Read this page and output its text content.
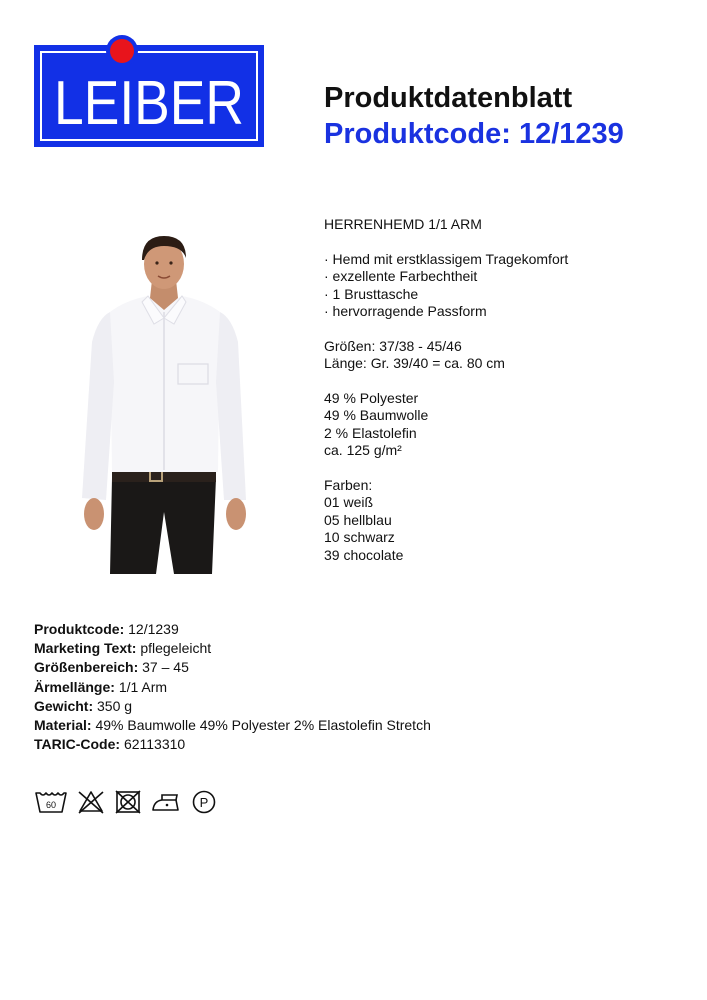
LEIBER	Produktdatenblatt
Produktcode: 12/1239
HERRENHEMD 1/1 ARM
· Hemd mit erstklassigem Tragekomfort
· exzellente Farbechtheit
· 1 Brusttasche
· hervorragende Passform
Größen: 37/38 - 45/46
Länge: Gr. 39/40 = ca. 80 cm
49 % Polyester
49 % Baumwolle
2 % Elastolefin
ca. 125 g/m²
Farben:
01 weiß
05 hellblau
10 schwarz
39 chocolate
Produktcode: 12/1239
Marketing Text: pflegeleicht
Größenbereich: 37 – 45
Ärmellänge: 1/1 Arm
Gewicht: 350 g
Material: 49% Baumwolle 49% Polyester 2% Elastolefin Stretch
TARIC-Code: 62113310
60	P
